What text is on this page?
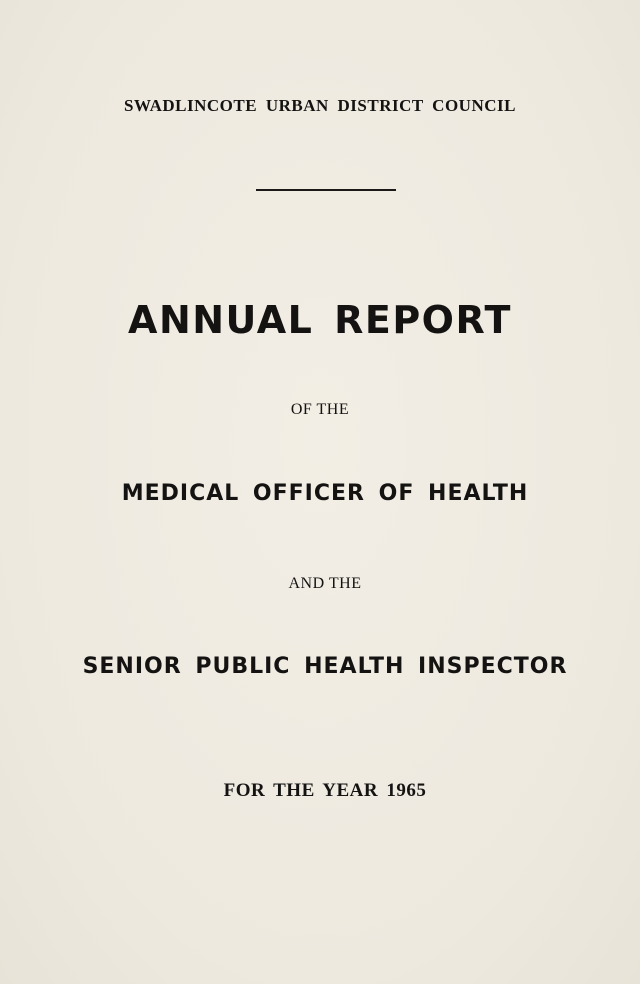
SWADLINCOTE URBAN DISTRICT COUNCIL
ANNUAL REPORT
OF THE
MEDICAL OFFICER OF HEALTH
AND THE
SENIOR PUBLIC HEALTH INSPECTOR
FOR THE YEAR 1965
